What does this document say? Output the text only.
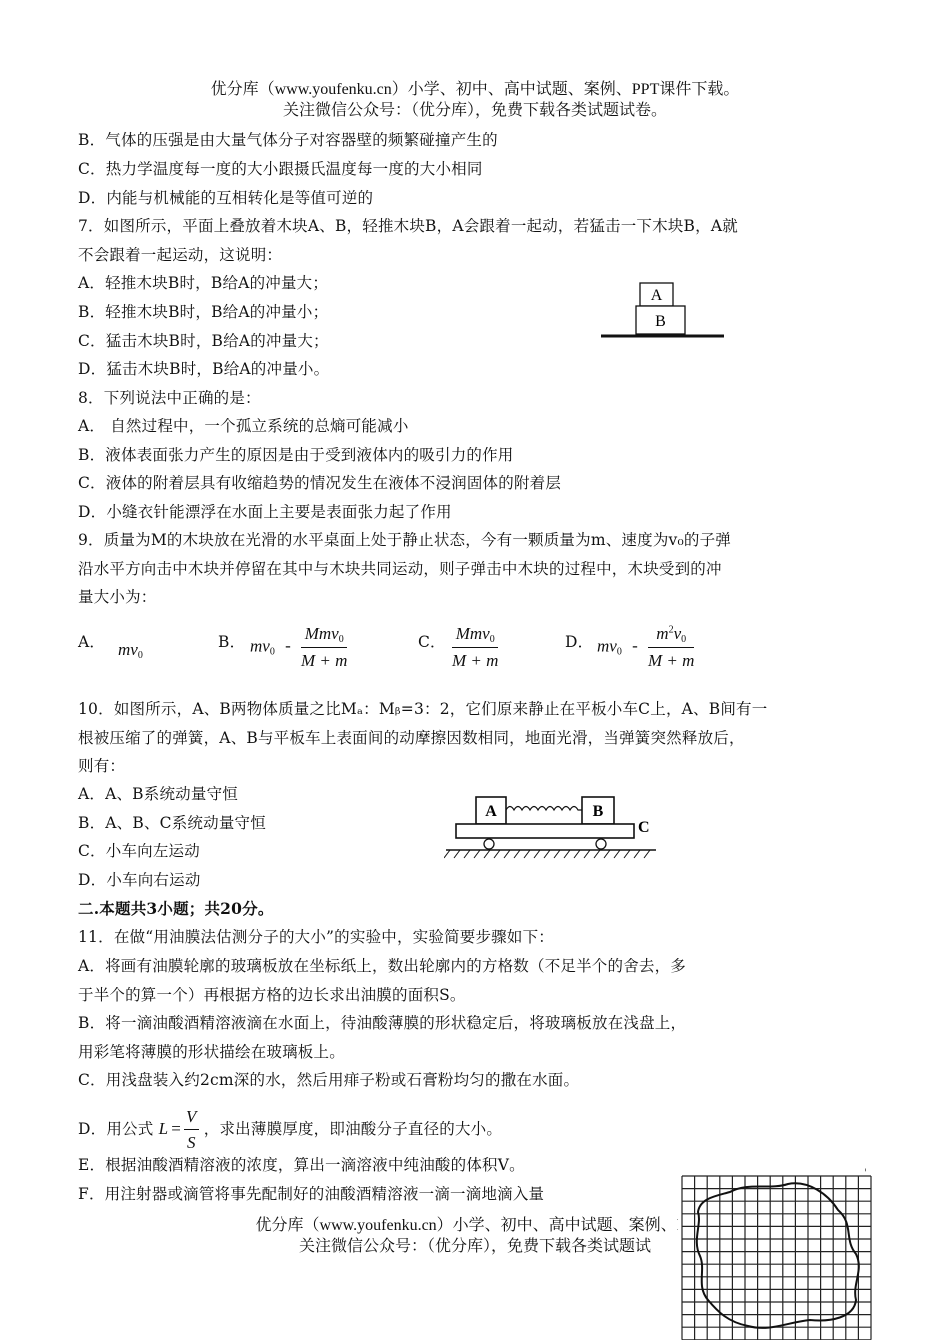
优分库（www.youfenku.cn）小学、初中、高中试题、案例、PPT课件下载。
关注微信公众号：（优分库），免费下载各类试题试卷。
B．气体的压强是由大量气体分子对容器壁的频繁碰撞产生的
C．热力学温度每一度的大小跟摄氏温度每一度的大小相同
D．内能与机械能的互相转化是等值可逆的
7．如图所示，平面上叠放着木块A、B，轻推木块B，A会跟着一起动，若猛击一下木块B，A就
不会跟着一起运动，这说明：
A．轻推木块B时，B给A的冲量大；
B．轻推木块B时，B给A的冲量小；
C．猛击木块B时，B给A的冲量大；
D．猛击木块B时，B给A的冲量小。
A
B
8．下列说法中正确的是：
A． 自然过程中，一个孤立系统的总熵可能减小
B．液体表面张力产生的原因是由于受到液体内的吸引力的作用
C．液体的附着层具有收缩趋势的情况发生在液体不浸润固体的附着层
D．小缝衣针能漂浮在水面上主要是表面张力起了作用
9．质量为M的木块放在光滑的水平桌面上处于静止状态，今有一颗质量为m、速度为v₀的子弹
沿水平方向击中木块并停留在其中与木块共同运动，则子弹击中木块的过程中，木块受到的冲
量大小为：
A． $mv_0$
B． $mv_0 - \frac{Mmv_0}{M + m}$	C． $\frac{Mmv_0}{M + m}$	D． $mv_0 - \frac{m^2v_0}{M + m}$
10．如图所示，A、B两物体质量之比Mₐ：Mᵦ=3：2，它们原来静止在平板小车C上，A、B间有一
根被压缩了的弹簧，A、B与平板车上表面间的动摩擦因数相同，地面光滑，当弹簧突然释放后，
则有：
A．A、B系统动量守恒
B．A、B、C系统动量守恒
C．小车向左运动
D．小车向右运动
A	B
C
二.本题共3小题；共20分。
11．在做“用油膜法估测分子的大小”的实验中，实验简要步骤如下：
A．将画有油膜轮廓的玻璃板放在坐标纸上，数出轮廓内的方格数（不足半个的舍去，多
于半个的算一个）再根据方格的边长求出油膜的面积S。
B．将一滴油酸酒精溶液滴在水面上，待油酸薄膜的形状稳定后，将玻璃板放在浅盘上，
用彩笔将薄膜的形状描绘在玻璃板上。
C．用浅盘装入约2cm深的水，然后用痱子粉或石膏粉均匀的撒在水面。
D．用公式 $L = \frac{V}{S}$ ，求出薄膜厚度，即油酸分子直径的大小。
E．根据油酸酒精溶液的浓度，算出一滴溶液中纯油酸的体积V。
F．用注射器或滴管将事先配制好的油酸酒精溶液一滴一滴地滴入量
优分库（www.youfenku.cn）小学、初中、高中试题、案例、PP
关注微信公众号：（优分库），免费下载各类试题试
'
